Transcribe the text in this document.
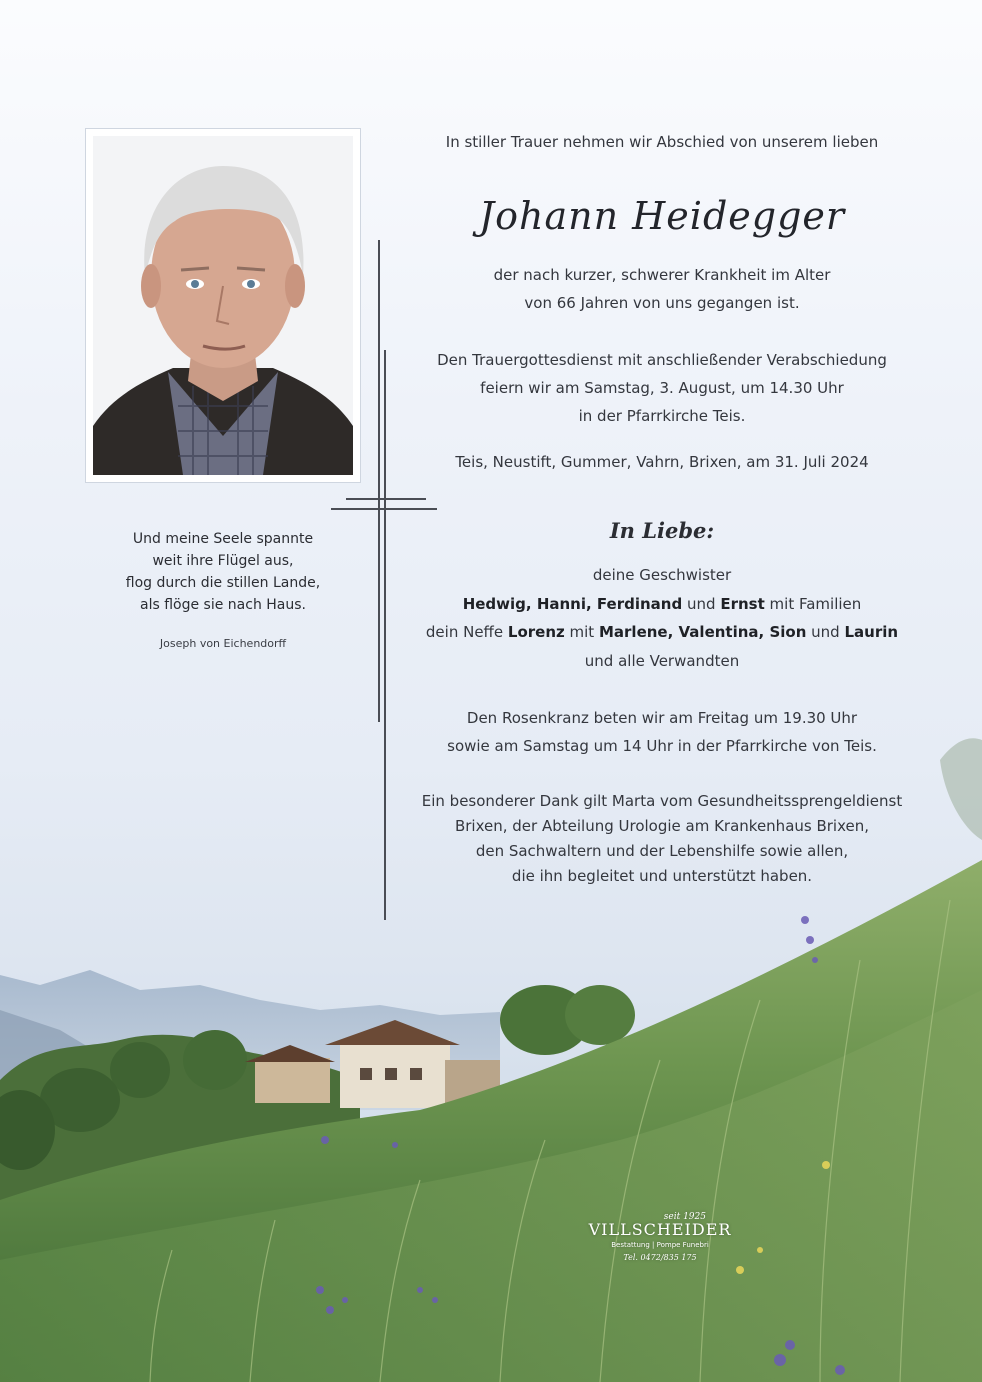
Und meine Seele spannte
weit ihre Flügel aus,
flog durch die stillen Lande,
als flöge sie nach Haus.
Joseph von Eichendorff
In stiller Trauer nehmen wir Abschied von unserem lieben
Johann Heidegger
der nach kurzer, schwerer Krankheit im Alter
von 66 Jahren von uns gegangen ist.
Den Trauergottesdienst mit anschließender Verabschiedung
feiern wir am Samstag, 3. August, um 14.30 Uhr
in der Pfarrkirche Teis.
Teis, Neustift, Gummer, Vahrn, Brixen, am 31. Juli 2024
In Liebe:
deine Geschwister
Hedwig, Hanni, Ferdinand und Ernst mit Familien
dein Neffe Lorenz mit Marlene, Valentina, Sion und Laurin
und alle Verwandten
Den Rosenkranz beten wir am Freitag um 19.30 Uhr
sowie am Samstag um 14 Uhr in der Pfarrkirche von Teis.
Ein besonderer Dank gilt Marta vom Gesundheitssprengeldienst
Brixen, der Abteilung Urologie am Krankenhaus Brixen,
den Sachwaltern und der Lebenshilfe sowie allen,
die ihn begleitet und unterstützt haben.
seit 1925
VILLSCHEIDER
Bestattung | Pompe Funebri
Tel. 0472/835 175
